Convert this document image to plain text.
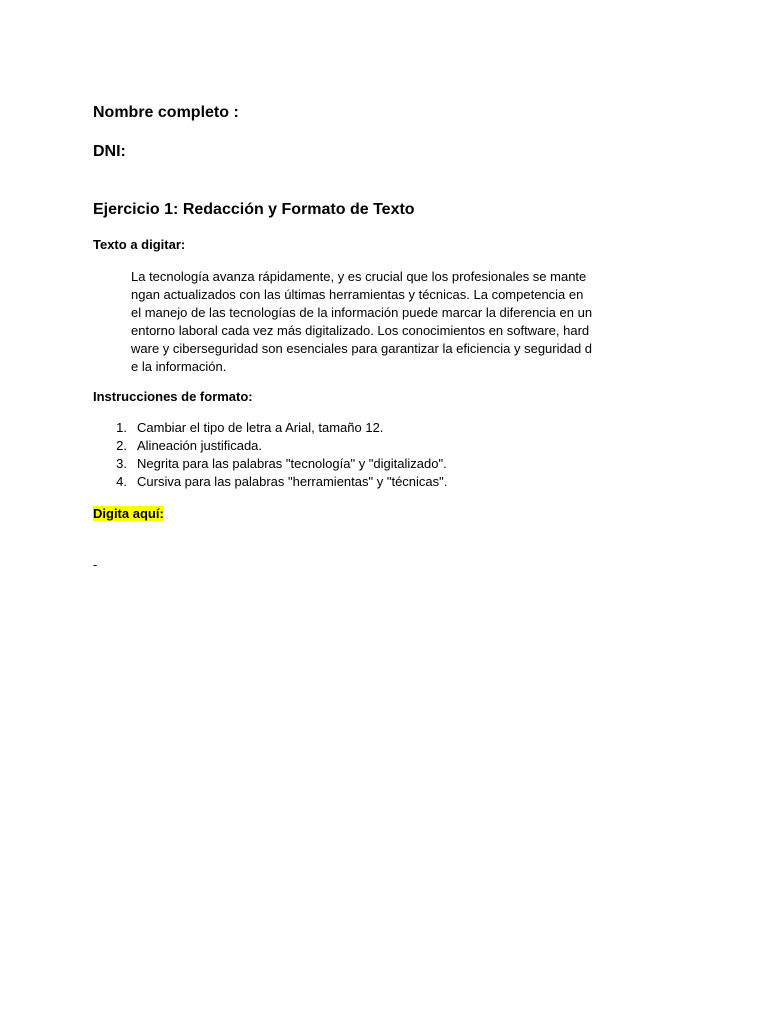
Nombre completo :

DNI:

Ejercicio 1: Redacción y Formato de Texto

Texto a digitar:

La tecnología avanza rápidamente, y es crucial que los profesionales se mante
ngan actualizados con las últimas herramientas y técnicas. La competencia en
el manejo de las tecnologías de la información puede marcar la diferencia en un
entorno laboral cada vez más digitalizado. Los conocimientos en software, hard
ware y ciberseguridad son esenciales para garantizar la eficiencia y seguridad d
e la información.

Instrucciones de formato:

1. Cambiar el tipo de letra a Arial, tamaño 12.
2. Alineación justificada.
3. Negrita para las palabras "tecnología" y "digitalizado".
4. Cursiva para las palabras "herramientas" y "técnicas".

Digita aquí:

-
